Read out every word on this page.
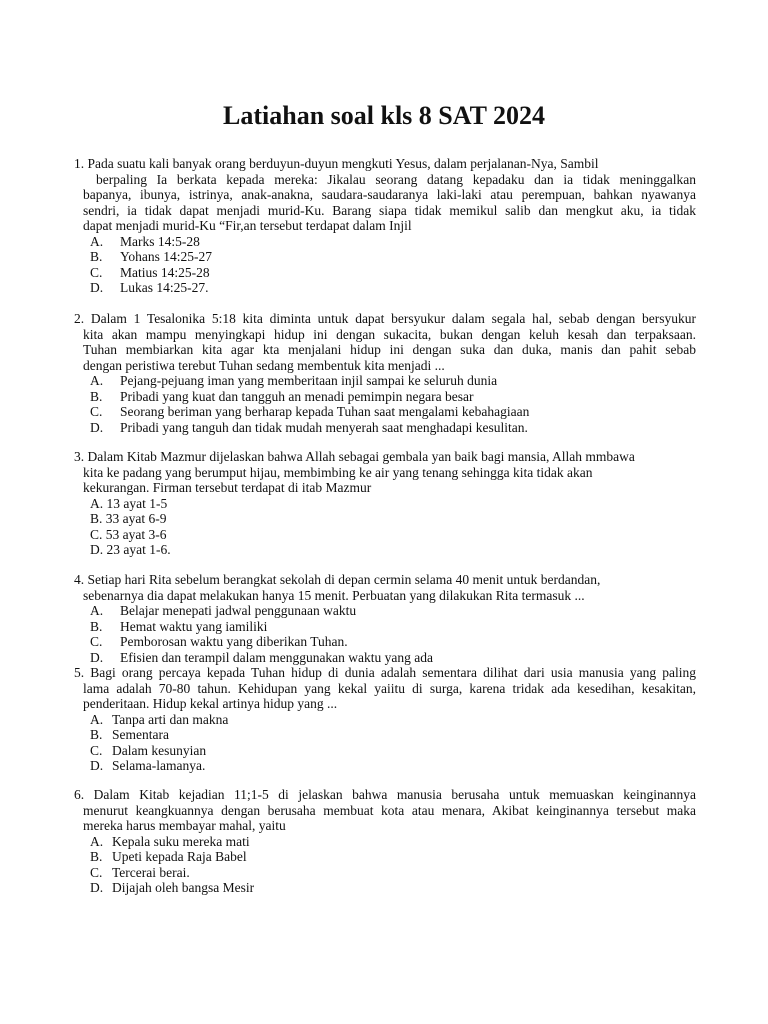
Latiahan soal kls 8 SAT 2024
1. Pada suatu kali banyak orang berduyun-duyun mengkuti Yesus, dalam perjalanan-Nya, Sambil
berpaling Ia berkata kepada mereka: Jikalau seorang datang kepadaku dan ia tidak meninggalkan
bapanya, ibunya, istrinya, anak-anakna, saudara-saudaranya laki-laki atau perempuan, bahkan nyawanya
sendri, ia tidak dapat menjadi murid-Ku. Barang siapa tidak memikul salib dan mengkut aku, ia tidak
dapat menjadi murid-Ku “Fir,an tersebut terdapat dalam Injil
A.	Marks 14:5-28
B.	Yohans 14:25-27
C.	Matius 14:25-28
D.	Lukas 14:25-27.
2. Dalam 1 Tesalonika 5:18 kita diminta untuk dapat bersyukur dalam segala hal, sebab dengan bersyukur
kita akan mampu menyingkapi hidup ini dengan sukacita, bukan dengan keluh kesah dan terpaksaan.
Tuhan membiarkan kita agar kta menjalani hidup ini dengan suka dan duka, manis dan pahit sebab
dengan peristiwa terebut Tuhan sedang membentuk kita menjadi ...
A.	Pejang-pejuang iman yang memberitaan injil sampai ke seluruh dunia
B.	Pribadi yang kuat dan tangguh an menadi pemimpin negara besar
C.	Seorang beriman yang berharap kepada Tuhan saat mengalami kebahagiaan
D.	Pribadi yang tanguh dan tidak mudah menyerah saat menghadapi kesulitan.
3. Dalam Kitab Mazmur dijelaskan bahwa Allah sebagai gembala yan baik bagi mansia, Allah mmbawa
kita ke padang yang berumput hijau, membimbing ke air yang tenang sehingga kita tidak akan
kekurangan. Firman tersebut terdapat di itab Mazmur
A. 13 ayat 1-5
B. 33 ayat 6-9
C. 53 ayat 3-6
D. 23 ayat 1-6.
4. Setiap hari Rita sebelum berangkat sekolah di depan cermin selama 40 menit untuk berdandan,
sebenarnya dia dapat melakukan hanya 15 menit. Perbuatan yang dilakukan Rita termasuk ...
A.	Belajar menepati jadwal penggunaan waktu
B.	Hemat waktu yang iamiliki
C.	Pemborosan waktu yang diberikan Tuhan.
D.	Efisien dan terampil dalam menggunakan waktu yang ada
5. Bagi orang percaya kepada Tuhan hidup di dunia adalah sementara dilihat dari usia manusia yang paling
lama adalah 70-80 tahun. Kehidupan yang kekal yaiitu di surga, karena tridak ada kesedihan, kesakitan,
penderitaan. Hidup kekal artinya hidup yang ...
A. Tanpa arti dan makna
B. Sementara
C. Dalam kesunyian
D. Selama-lamanya.
6. Dalam Kitab kejadian 11;1-5 di jelaskan bahwa manusia berusaha untuk memuaskan keinginannya
menurut keangkuannya dengan berusaha membuat kota atau menara, Akibat keinginannya tersebut maka
mereka harus membayar mahal, yaitu
A. Kepala suku mereka mati
B. Upeti kepada Raja Babel
C. Tercerai berai.
D. Dijajah oleh bangsa Mesir
